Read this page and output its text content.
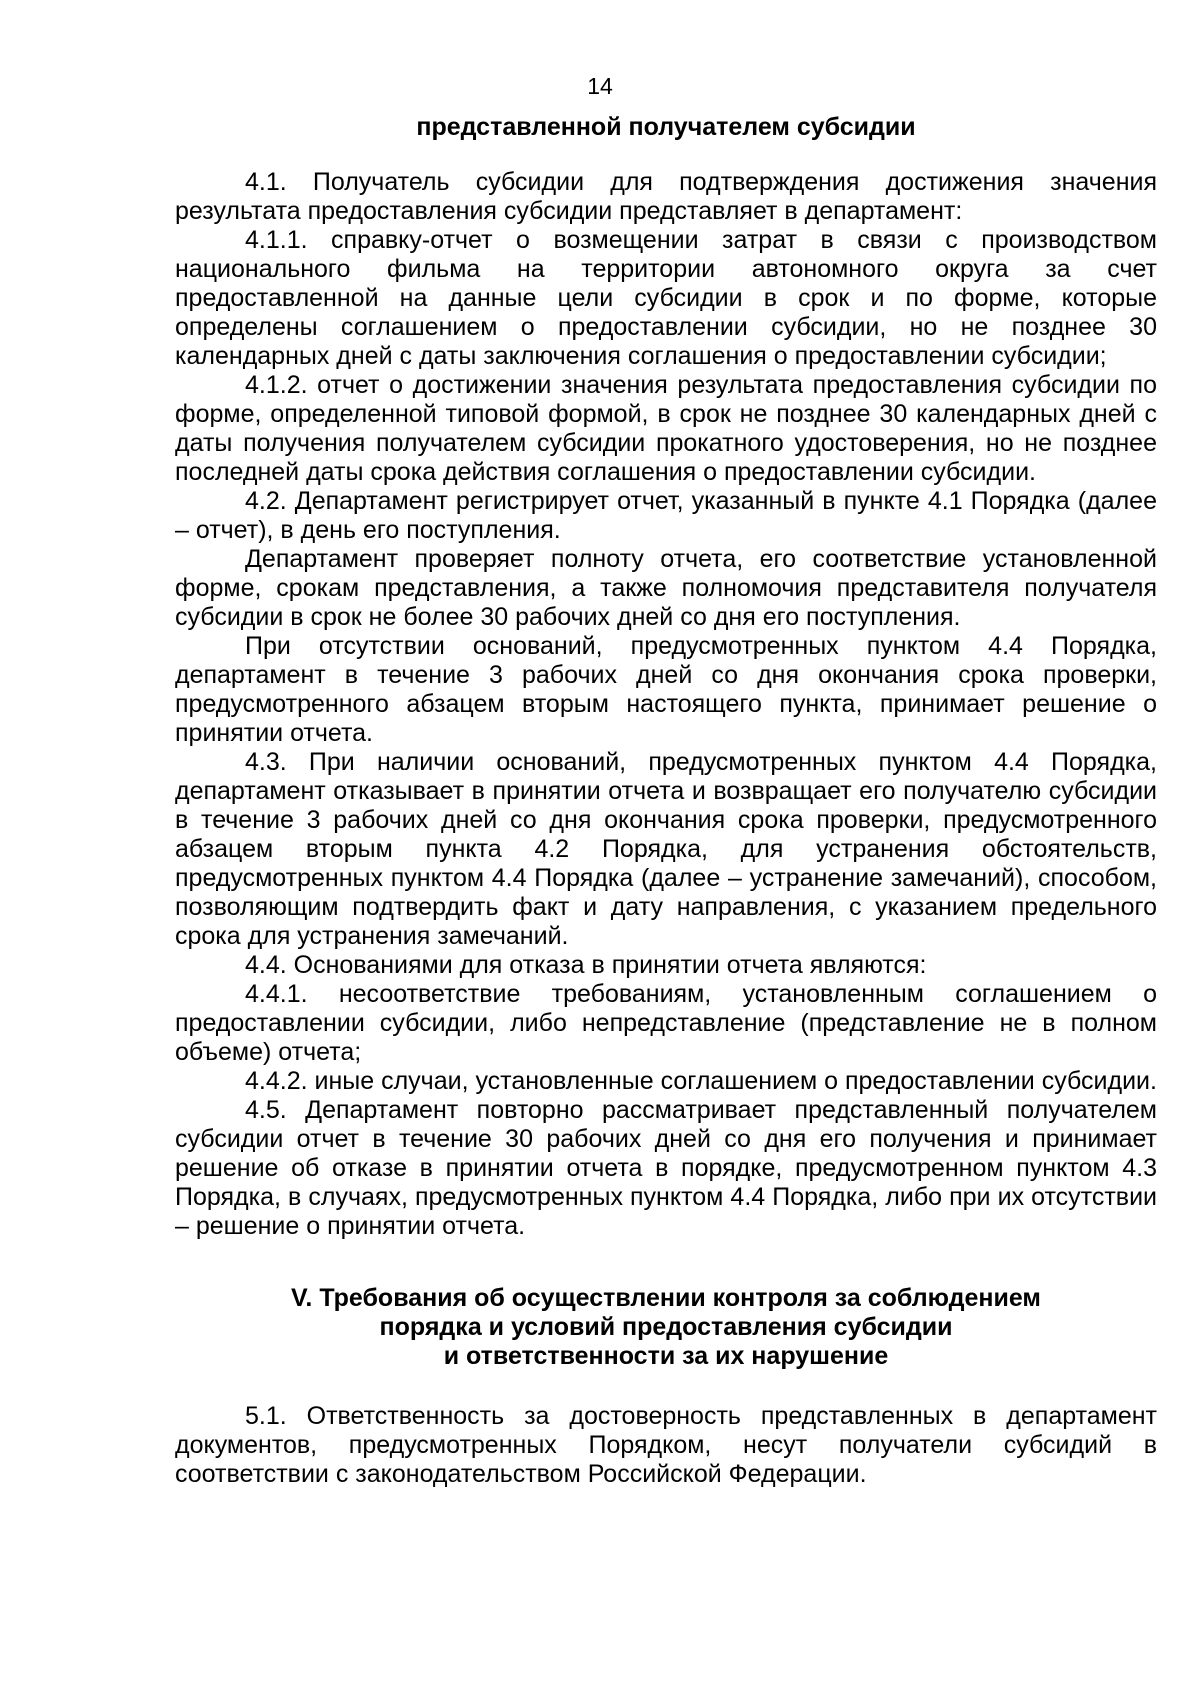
14
представленной получателем субсидии

4.1. Получатель субсидии для подтверждения достижения значения результата предоставления субсидии представляет в департамент:

4.1.1. справку-отчет о возмещении затрат в связи с производством национального фильма на территории автономного округа за счет предоставленной на данные цели субсидии в срок и по форме, которые определены соглашением о предоставлении субсидии, но не позднее 30 календарных дней с даты заключения соглашения о предоставлении субсидии;

4.1.2. отчет о достижении значения результата предоставления субсидии по форме, определенной типовой формой, в срок не позднее 30 календарных дней с даты получения получателем субсидии прокатного удостоверения, но не позднее последней даты срока действия соглашения о предоставлении субсидии.

4.2. Департамент регистрирует отчет, указанный в пункте 4.1 Порядка (далее – отчет), в день его поступления.

Департамент проверяет полноту отчета, его соответствие установленной форме, срокам представления, а также полномочия представителя получателя субсидии в срок не более 30 рабочих дней со дня его поступления.

При отсутствии оснований, предусмотренных пунктом 4.4 Порядка, департамент в течение 3 рабочих дней со дня окончания срока проверки, предусмотренного абзацем вторым настоящего пункта, принимает решение о принятии отчета.

4.3. При наличии оснований, предусмотренных пунктом 4.4 Порядка, департамент отказывает в принятии отчета и возвращает его получателю субсидии в течение 3 рабочих дней со дня окончания срока проверки, предусмотренного абзацем вторым пункта 4.2 Порядка, для устранения обстоятельств, предусмотренных пунктом 4.4 Порядка (далее – устранение замечаний), способом, позволяющим подтвердить факт и дату направления, с указанием предельного срока для устранения замечаний.

4.4. Основаниями для отказа в принятии отчета являются:

4.4.1. несоответствие требованиям, установленным соглашением о предоставлении субсидии, либо непредставление (представление не в полном объеме) отчета;

4.4.2. иные случаи, установленные соглашением о предоставлении субсидии.

4.5. Департамент повторно рассматривает представленный получателем субсидии отчет в течение 30 рабочих дней со дня его получения и принимает решение об отказе в принятии отчета в порядке, предусмотренном пунктом 4.3 Порядка, в случаях, предусмотренных пунктом 4.4 Порядка, либо при их отсутствии – решение о принятии отчета.

V. Требования об осуществлении контроля за соблюдением
порядка и условий предоставления субсидии
и ответственности за их нарушение

5.1. Ответственность за достоверность представленных в департамент документов, предусмотренных Порядком, несут получатели субсидий в соответствии с законодательством Российской Федерации.
